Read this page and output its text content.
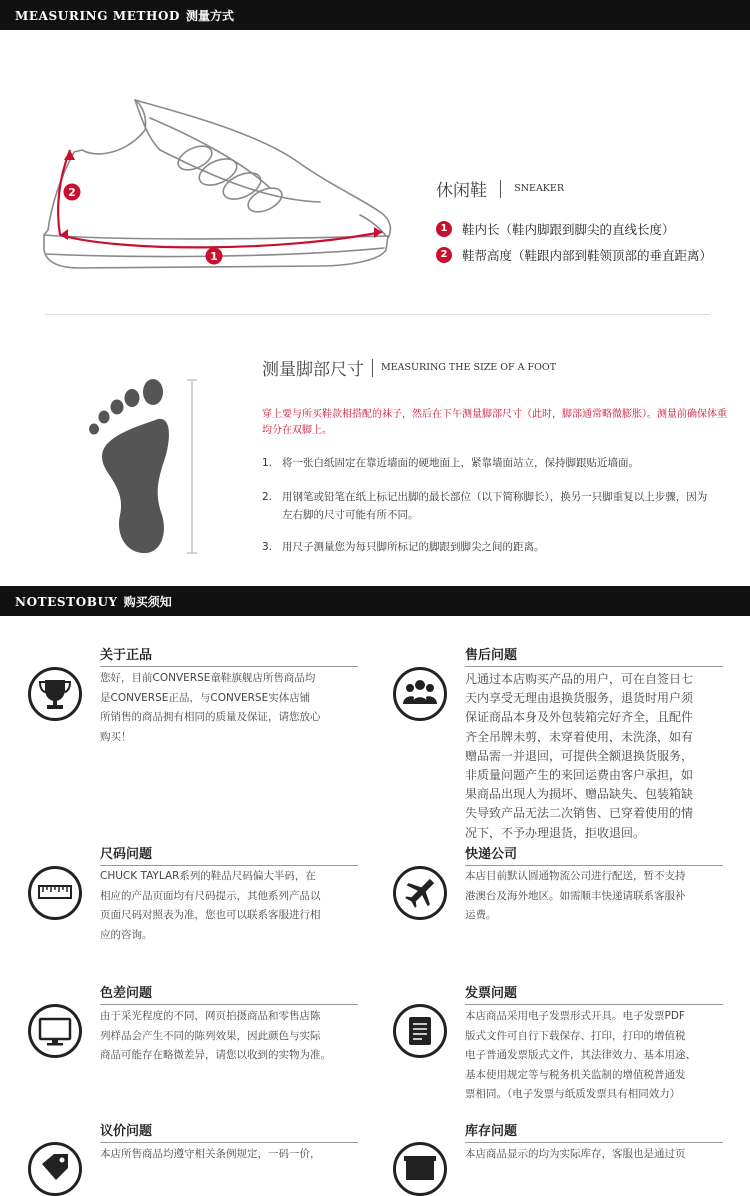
MEASURING METHOD 测量方式
1
2	休闲鞋	SNEAKER
1 鞋内长（鞋内脚跟到脚尖的直线长度）
2 鞋帮高度（鞋跟内部到鞋领顶部的垂直距离）
测量脚部尺寸 MEASURING THE SIZE OF A FOOT
穿上要与所买鞋款相搭配的袜子，然后在下午测量脚部尺寸（此时，脚部通常略微膨胀）。测量前确保体重均分在双脚上。
1. 将一张白纸固定在靠近墙面的硬地面上，紧靠墙面站立，保持脚跟贴近墙面。
2. 用钢笔或铅笔在纸上标记出脚的最长部位（以下简称脚长），换另一只脚重复以上步骤，因为左右脚的尺寸可能有所不同。
3. 用尺子测量您为每只脚所标记的脚跟到脚尖之间的距离。
NOTESTOBUY 购买须知
关于正品
您好，目前CONVERSE童鞋旗舰店所售商品均
是CONVERSE正品，与CONVERSE实体店铺
所销售的商品拥有相同的质量及保证，请您放心
购买！
售后问题
凡通过本店购买产品的用户，可在自签日七
天内享受无理由退换货服务，退货时用户须
保证商品本身及外包装箱完好齐全，且配件
齐全吊牌未剪，未穿着使用，未洗涤，如有
赠品需一并退回，可提供全额退换货服务，
非质量问题产生的来回运费由客户承担，如
果商品出现人为损坏、赠品缺失、包装箱缺
失导致产品无法二次销售、已穿着使用的情
况下，不予办理退货，拒收退回。
尺码问题
CHUCK TAYLAR系列的鞋品尺码偏大半码，在
相应的产品页面均有尺码提示，其他系列产品以
页面尺码对照表为准，您也可以联系客服进行相
应的咨询。
快递公司
本店目前默认圆通物流公司进行配送，暂不支持
港澳台及海外地区。如需顺丰快递请联系客服补
运费。
色差问题
由于采光程度的不同，网页拍摄商品和零售店陈
列样品会产生不同的陈列效果，因此颜色与实际
商品可能存在略微差异，请您以收到的实物为准。
发票问题
本店商品采用电子发票形式开具。电子发票PDF
版式文件可自行下载保存、打印，打印的增值税
电子普通发票版式文件，其法律效力、基本用途、
基本使用规定等与税务机关监制的增值税普通发
票相同。（电子发票与纸质发票具有相同效力）
议价问题
本店所售商品均遵守相关条例规定，一码一价，
库存问题
本店商品显示的均为实际库存，客服也是通过页
